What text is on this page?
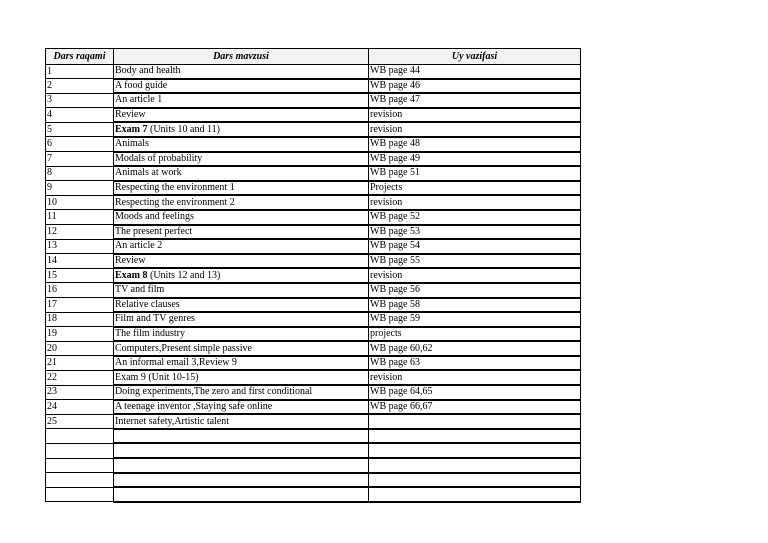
Dars raqami	Dars mavzusi	Uy vazifasi
1	Body and health	WB page 44
2	A food guide	WB page 46
3	An article 1	WB page 47
4	Review	revision
5	Exam 7 (Units 10 and 11)	revision
6	Animals	WB page 48
7	Modals of probability	WB page 49
8	Animals at work	WB page 51
9	Respecting the environment 1	Projects
10	Respecting the environment 2	revision
11	Moods and feelings	WB page 52
12	The present perfect	WB page 53
13	An article 2	WB page 54
14	Review	WB page 55
15	Exam 8 (Units 12 and 13)	revision
16	TV and film	WB page 56
17	Relative clauses	WB page 58
18	Film and TV genres	WB page 59
19	The film industry	projects
20	Computers,Present simple passive	WB page 60,62
21	An informal email 3,Review 9	WB page 63
22	Exam 9 (Unit 10-15)	revision
23	Doing experiments,The zero and first conditional	WB page 64,65
24	A teenage inventor ,Staying safe online	WB page 66,67
25	Internet safety,Artistic talent	
